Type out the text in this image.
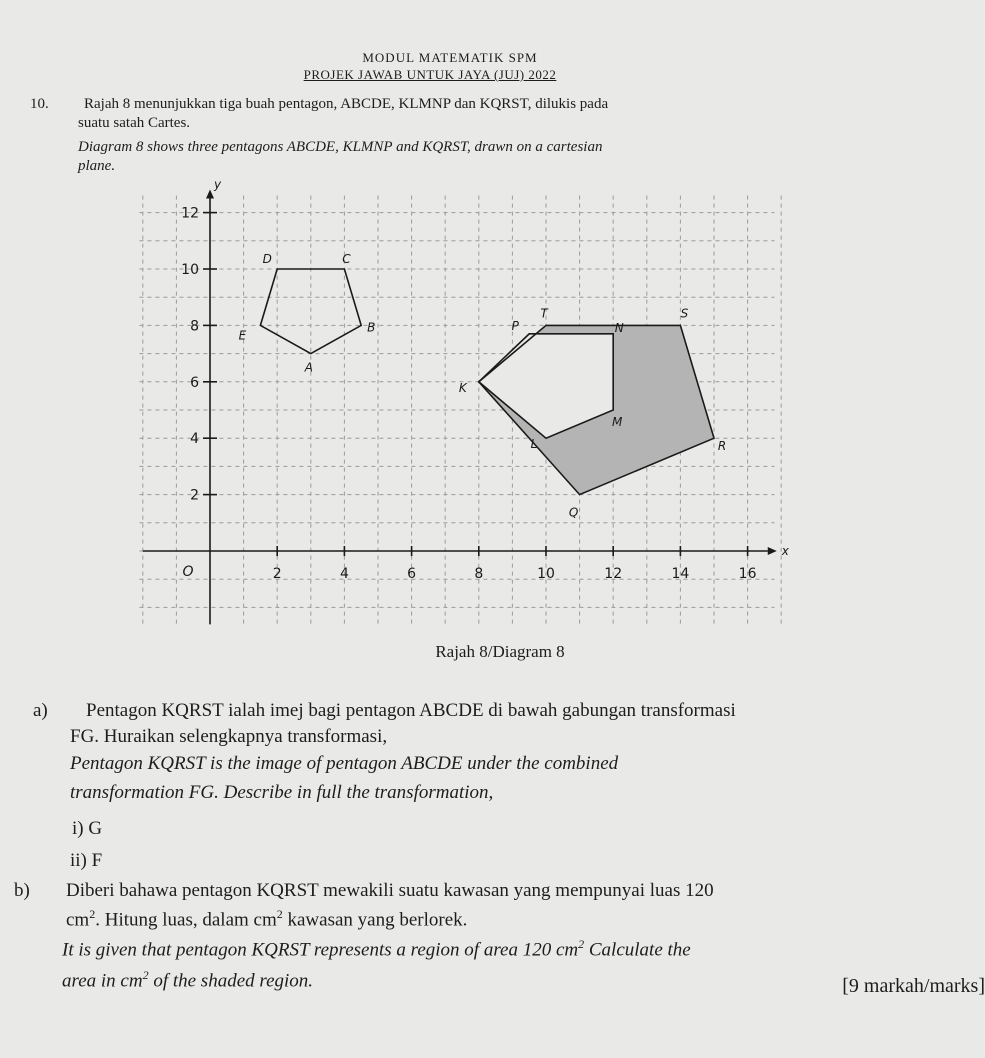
MODUL MATEMATIK SPM
PROJEK JAWAB UNTUK JAYA (JUJ) 2022
10. Rajah 8 menunjukkan tiga buah pentagon, ABCDE, KLMNP dan KQRST, dilukis pada
suatu satah Cartes.
Diagram 8 shows three pentagons ABCDE, KLMNP and KQRST, drawn on a cartesian
plane.
2	4	6	8	10	12	14	16
2
4
6
8
10
12
O
x
y
A
B
C
D
E
K
L
M
N
P
Q
R
S
T
Rajah 8/Diagram 8
a) Pentagon KQRST ialah imej bagi pentagon ABCDE di bawah gabungan transformasi
FG. Huraikan selengkapnya transformasi,
Pentagon KQRST is the image of pentagon ABCDE under the combined
transformation FG. Describe in full the transformation,
i) G
ii) F
b) Diberi bahawa pentagon KQRST mewakili suatu kawasan yang mempunyai luas 120
$cm^2$. Hitung luas, dalam $cm^2$ kawasan yang berlorek.
It is given that pentagon KQRST represents a region of area 120 $cm^2$ Calculate the
area in $cm^2$ of the shaded region.	[9 markah/marks]
